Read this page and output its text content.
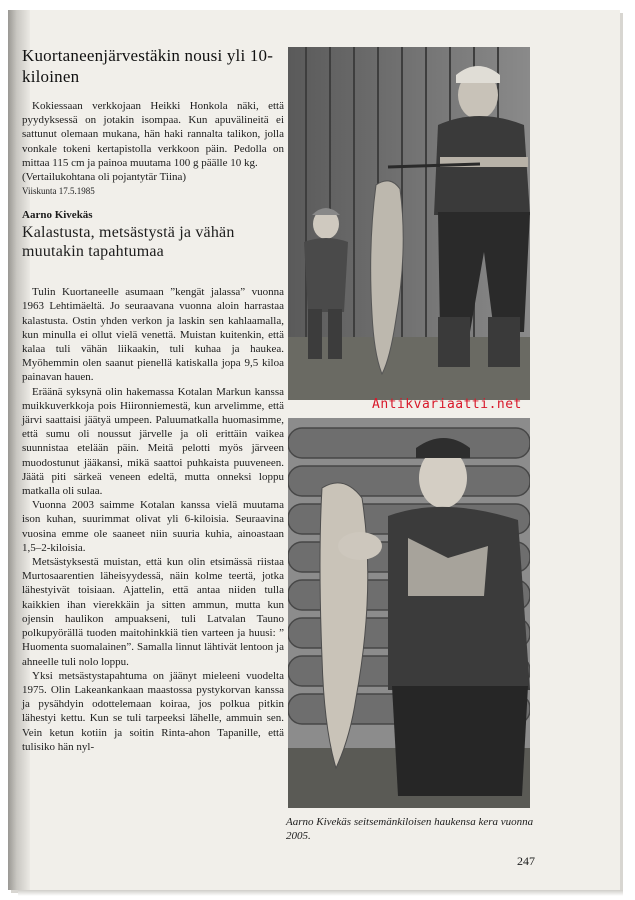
Kuortaneenjärvestäkin nousi yli 10-kiloinen

Kokiessaan verkkojaan Heikki Honkola näki, että pyydyksessä on jotakin isompaa. Kun apuvälineitä ei sattunut olemaan mukana, hän haki rannalta talikon, jolla vonkale tokeni kertapistolla verkkoon päin. Pedolla on mittaa 115 cm ja painoa muutama 100 g päälle 10 kg.

(Vertailukohtana oli pojantytär Tiina)

Viiskunta 17.5.1985

Aarno Kivekäs
Kalastusta, metsästystä ja vähän muutakin tapahtumaa

Tulin Kuortaneelle asumaan ”kengät jalassa” vuonna 1963 Lehtimäeltä. Jo seuraavana vuonna aloin harrastaa kalastusta. Ostin yhden verkon ja laskin sen kahlaamalla, kun minulla ei ollut vielä venettä. Muistan kuitenkin, että kalaa tuli vähän liikaakin, tuli kuhaa ja haukea. Myöhemmin olen saanut pienellä katiskalla jopa 9,5 kiloa painavan hauen.

Eräänä syksynä olin hakemassa Kotalan Markun kanssa muikkuverkkoja pois Hiironniemestä, kun arvelimme, että järvi saattaisi jäätyä umpeen. Paluumatkalla huomasimme, että sumu oli noussut järvelle ja oli erittäin vaikea suunnistaa etelään päin. Meitä pelotti myös järveen muodostunut jääkansi, mikä saattoi puhkaista puuveneen. Jäätä piti särkeä veneen edeltä, mutta onneksi loppu matkalla oli sulaa.

Vuonna 2003 saimme Kotalan kanssa vielä muutama ison kuhan, suurimmat olivat yli 6-kiloisia. Seuraavina vuosina emme ole saaneet niin suuria kuhia, ainoastaan 1,5–2-kiloisia.

Metsästyksestä muistan, että kun olin etsimässä riistaa Murtosaarentien läheisyydessä, näin kolme teertä, jotka lähestyivät toisiaan. Ajattelin, että antaa niiden tulla kaikkien ihan vierekkäin ja sitten ammun, mutta kun ojensin haulikon ampuakseni, tuli Latvalan Tauno polkupyörällä tuoden maitohinkkiä tien varteen ja huusi: ” Huomenta suomalainen”. Samalla linnut lähtivät lentoon ja ahneelle tuli nolo loppu.

Yksi metsästystapahtuma on jäänyt mieleeni vuodelta 1975. Olin Lakeankankaan maastossa pystykorvan kanssa ja pysähdyin odottelemaan koiraa, jos polkua pitkin lähestyi kettu. Kun se tuli tarpeeksi lähelle, ammuin sen. Vein ketun kotiin ja soitin Rinta-ahon Tapanille, että tulisiko hän nyl-

Antikvariaatti.net
Aarno Kivekäs seitsemänkiloisen haukensa kera vuonna 2005.
247
